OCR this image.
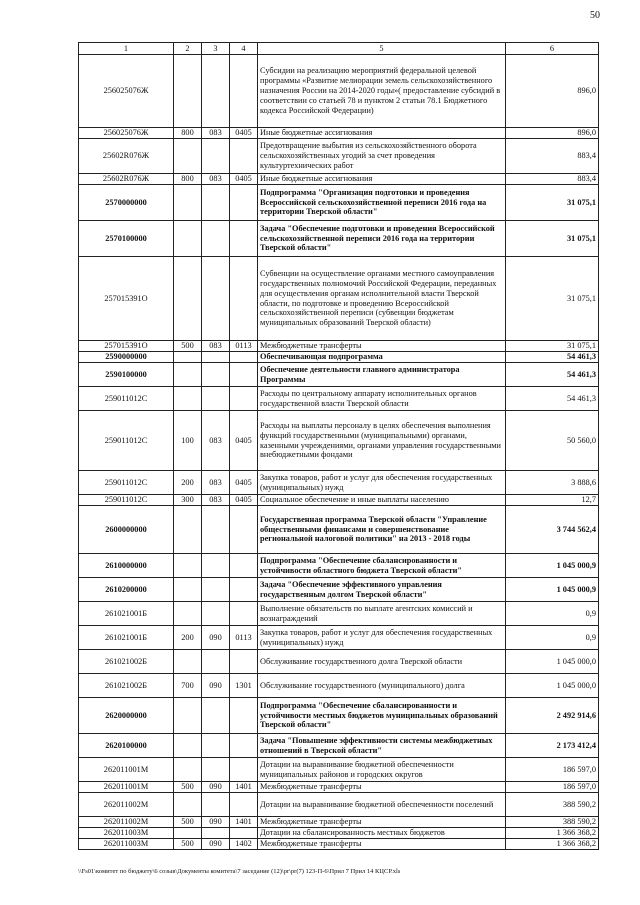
50
1	2	3	4	5	6
256025076Ж				Субсидии на реализацию мероприятий федеральной целевой программы «Развитие мелиорации земель сельскохозяйственного назначения России на 2014-2020 годы»( предоставление субсидий в соответствии со статьей 78 и пунктом 2 статьи 78.1 Бюджетного кодекса Российской Федерации)	896,0
256025076Ж	800	083	0405	Иные бюджетные ассигнования	896,0
25602R076Ж				Предотвращение выбытия из сельскохозяйственного оборота сельскохозяйственных угодий за счет проведения культуртехнических работ	883,4
25602R076Ж	800	083	0405	Иные бюджетные ассигнования	883,4
2570000000				Подпрограмма "Организация подготовки и проведения Всероссийской сельскохозяйственной переписи 2016 года на территории Тверской области"	31 075,1
2570100000				Задача "Обеспечение подготовки и проведения Всероссийской сельскохозяйственной переписи 2016 года на территории Тверской области"	31 075,1
257015391О				Субвенции на осуществление органами местного самоуправления государственных полномочий Российской Федерации, переданных для осуществления органам исполнительной власти Тверской области, по подготовке и проведению Всероссийской сельскохозяйственной переписи (субвенции бюджетам муниципальных образований Тверской области)	31 075,1
257015391О	500	083	0113	Межбюджетные трансферты	31 075,1
2590000000				Обеспечивающая подпрограмма	54 461,3
2590100000				Обеспечение деятельности главного администратора Программы	54 461,3
259011012С				Расходы по центральному аппарату исполнительных органов государственной власти Тверской области	54 461,3
259011012С	100	083	0405	Расходы на выплаты персоналу в целях обеспечения выполнения функций государственными (муниципальными) органами, казенными учреждениями, органами управления государственными внебюджетными фондами	50 560,0
259011012С	200	083	0405	Закупка товаров, работ и услуг для обеспечения государственных (муниципальных) нужд	3 888,6
259011012С	300	083	0405	Социальное обеспечение и иные выплаты населению	12,7
2600000000				Государственная программа Тверской области "Управление общественными финансами и совершенствование региональной налоговой политики" на 2013 - 2018 годы	3 744 562,4
2610000000				Подпрограмма "Обеспечение сбалансированности и устойчивости областного бюджета Тверской области"	1 045 000,9
2610200000				Задача "Обеспечение эффективного управления государственным долгом Тверской области"	1 045 000,9
261021001Б				Выполнение обязательств по выплате агентских комиссий и вознаграждений	0,9
261021001Б	200	090	0113	Закупка товаров, работ и услуг для обеспечения государственных (муниципальных) нужд	0,9
261021002Б				Обслуживание государственного долга Тверской области	1 045 000,0
261021002Б	700	090	1301	Обслуживание государственного (муниципального) долга	1 045 000,0
2620000000				Подпрограмма "Обеспечение сбалансированности и устойчивости местных бюджетов муниципальных образований Тверской области"	2 492 914,6
2620100000				Задача "Повышение эффективности системы межбюджетных отношений в Тверской области"	2 173 412,4
262011001М				Дотации на выравнивание бюджетной обеспеченности муниципальных районов и городских округов	186 597,0
262011001М	500	090	1401	Межбюджетные трансферты	186 597,0
262011002М				Дотации на выравнивание бюджетной обеспеченности поселений	388 590,2
262011002М	500	090	1401	Межбюджетные трансферты	388 590,2
262011003М				Дотации на сбалансированность местных бюджетов	1 366 368,2
262011003М	500	090	1402	Межбюджетные трансферты	1 366 368,2
\\Fs01\комитет по бюджету\6 созыв\Документы комитета\7 заседание (12)\pr\pr(7) 123-П-6\Прил 7 Прил 14 КЦСР.xls
